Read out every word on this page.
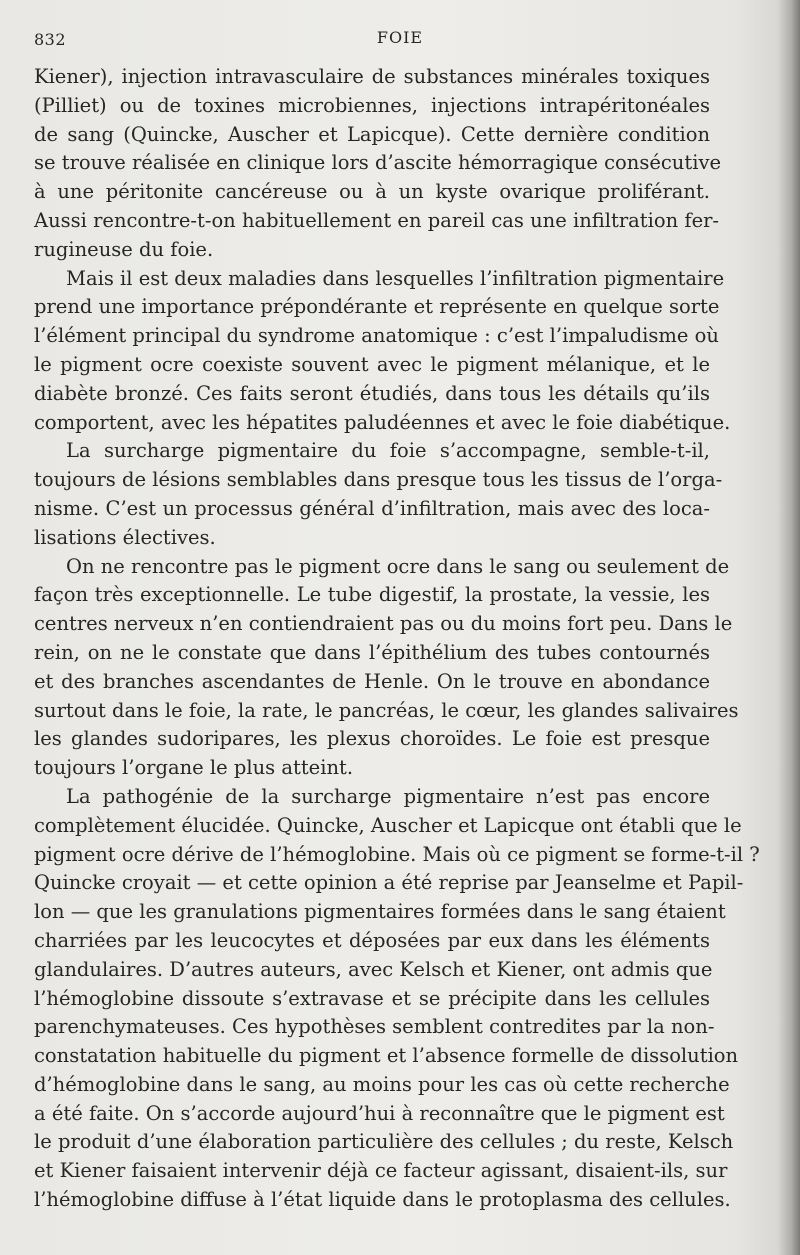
832	FOIE
Kiener), injection intravasculaire de substances minérales toxiques
(Pilliet) ou de toxines microbiennes, injections intrapéritonéales
de sang (Quincke, Auscher et Lapicque). Cette dernière condition
se trouve réalisée en clinique lors d’ascite hémorragique consécutive
à une péritonite cancéreuse ou à un kyste ovarique proliférant.
Aussi rencontre-t-on habituellement en pareil cas une infiltration fer-
rugineuse du foie.
Mais il est deux maladies dans lesquelles l’infiltration pigmentaire
prend une importance prépondérante et représente en quelque sorte
l’élément principal du syndrome anatomique : c’est l’impaludisme où
le pigment ocre coexiste souvent avec le pigment mélanique, et le
diabète bronzé. Ces faits seront étudiés, dans tous les détails qu’ils
comportent, avec les hépatites paludéennes et avec le foie diabétique.
La surcharge pigmentaire du foie s’accompagne, semble-t-il,
toujours de lésions semblables dans presque tous les tissus de l’orga-
nisme. C’est un processus général d’infiltration, mais avec des loca-
lisations électives.
On ne rencontre pas le pigment ocre dans le sang ou seulement de
façon très exceptionnelle. Le tube digestif, la prostate, la vessie, les
centres nerveux n’en contiendraient pas ou du moins fort peu. Dans le
rein, on ne le constate que dans l’épithélium des tubes contournés
et des branches ascendantes de Henle. On le trouve en abondance
surtout dans le foie, la rate, le pancréas, le cœur, les glandes salivaires
les glandes sudoripares, les plexus choroïdes. Le foie est presque
toujours l’organe le plus atteint.
La pathogénie de la surcharge pigmentaire n’est pas encore
complètement élucidée. Quincke, Auscher et Lapicque ont établi que le
pigment ocre dérive de l’hémoglobine. Mais où ce pigment se forme-t-il ?
Quincke croyait — et cette opinion a été reprise par Jeanselme et Papil-
lon — que les granulations pigmentaires formées dans le sang étaient
charriées par les leucocytes et déposées par eux dans les éléments
glandulaires. D’autres auteurs, avec Kelsch et Kiener, ont admis que
l’hémoglobine dissoute s’extravase et se précipite dans les cellules
parenchymateuses. Ces hypothèses semblent contredites par la non-
constatation habituelle du pigment et l’absence formelle de dissolution
d’hémoglobine dans le sang, au moins pour les cas où cette recherche
a été faite. On s’accorde aujourd’hui à reconnaître que le pigment est
le produit d’une élaboration particulière des cellules ; du reste, Kelsch
et Kiener faisaient intervenir déjà ce facteur agissant, disaient-ils, sur
l’hémoglobine diffuse à l’état liquide dans le protoplasma des cellules.
